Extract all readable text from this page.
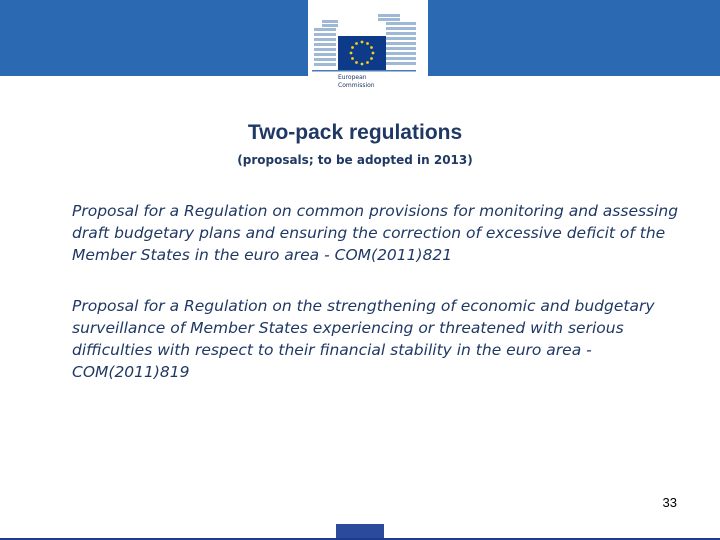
European
Commission
Two-pack regulations

(proposals; to be adopted in 2013)

Proposal for a Regulation on common provisions for monitoring and assessing draft budgetary plans and ensuring the correction of excessive deficit of the Member States in the euro area - COM(2011)821

Proposal for a Regulation on the strengthening of economic and budgetary surveillance of Member States experiencing or threatened with serious difficulties with respect to their financial stability in the euro area - COM(2011)819

33
